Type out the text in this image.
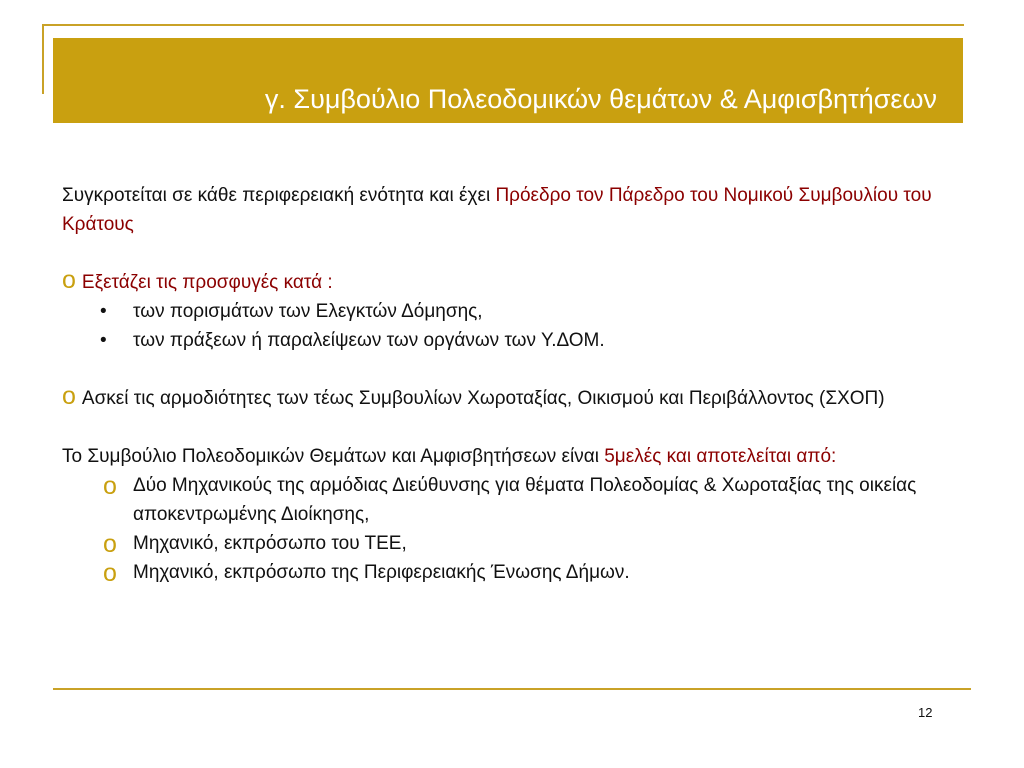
γ. Συμβούλιο Πολεοδομικών θεμάτων & Αμφισβητήσεων

Συγκροτείται σε κάθε περιφερειακή ενότητα και έχει Πρόεδρο τον Πάρεδρο του Νομικού Συμβουλίου του Κράτους

o Εξετάζει τις προσφυγές κατά :

• των πορισμάτων των Ελεγκτών Δόμησης,
• των πράξεων ή παραλείψεων των οργάνων των Υ.ΔΟΜ.

o Ασκεί τις αρμοδιότητες των τέως Συμβουλίων Χωροταξίας, Οικισμού και Περιβάλλοντος (ΣΧΟΠ)

Το Συμβούλιο Πολεοδομικών Θεμάτων και Αμφισβητήσεων είναι 5μελές και αποτελείται από:

o Δύο Μηχανικούς της αρμόδιας Διεύθυνσης για θέματα Πολεοδομίας & Χωροταξίας της οικείας αποκεντρωμένης Διοίκησης,
o Μηχανικό, εκπρόσωπο του ΤΕΕ,
o Μηχανικό, εκπρόσωπο της Περιφερειακής Ένωσης Δήμων.
12
